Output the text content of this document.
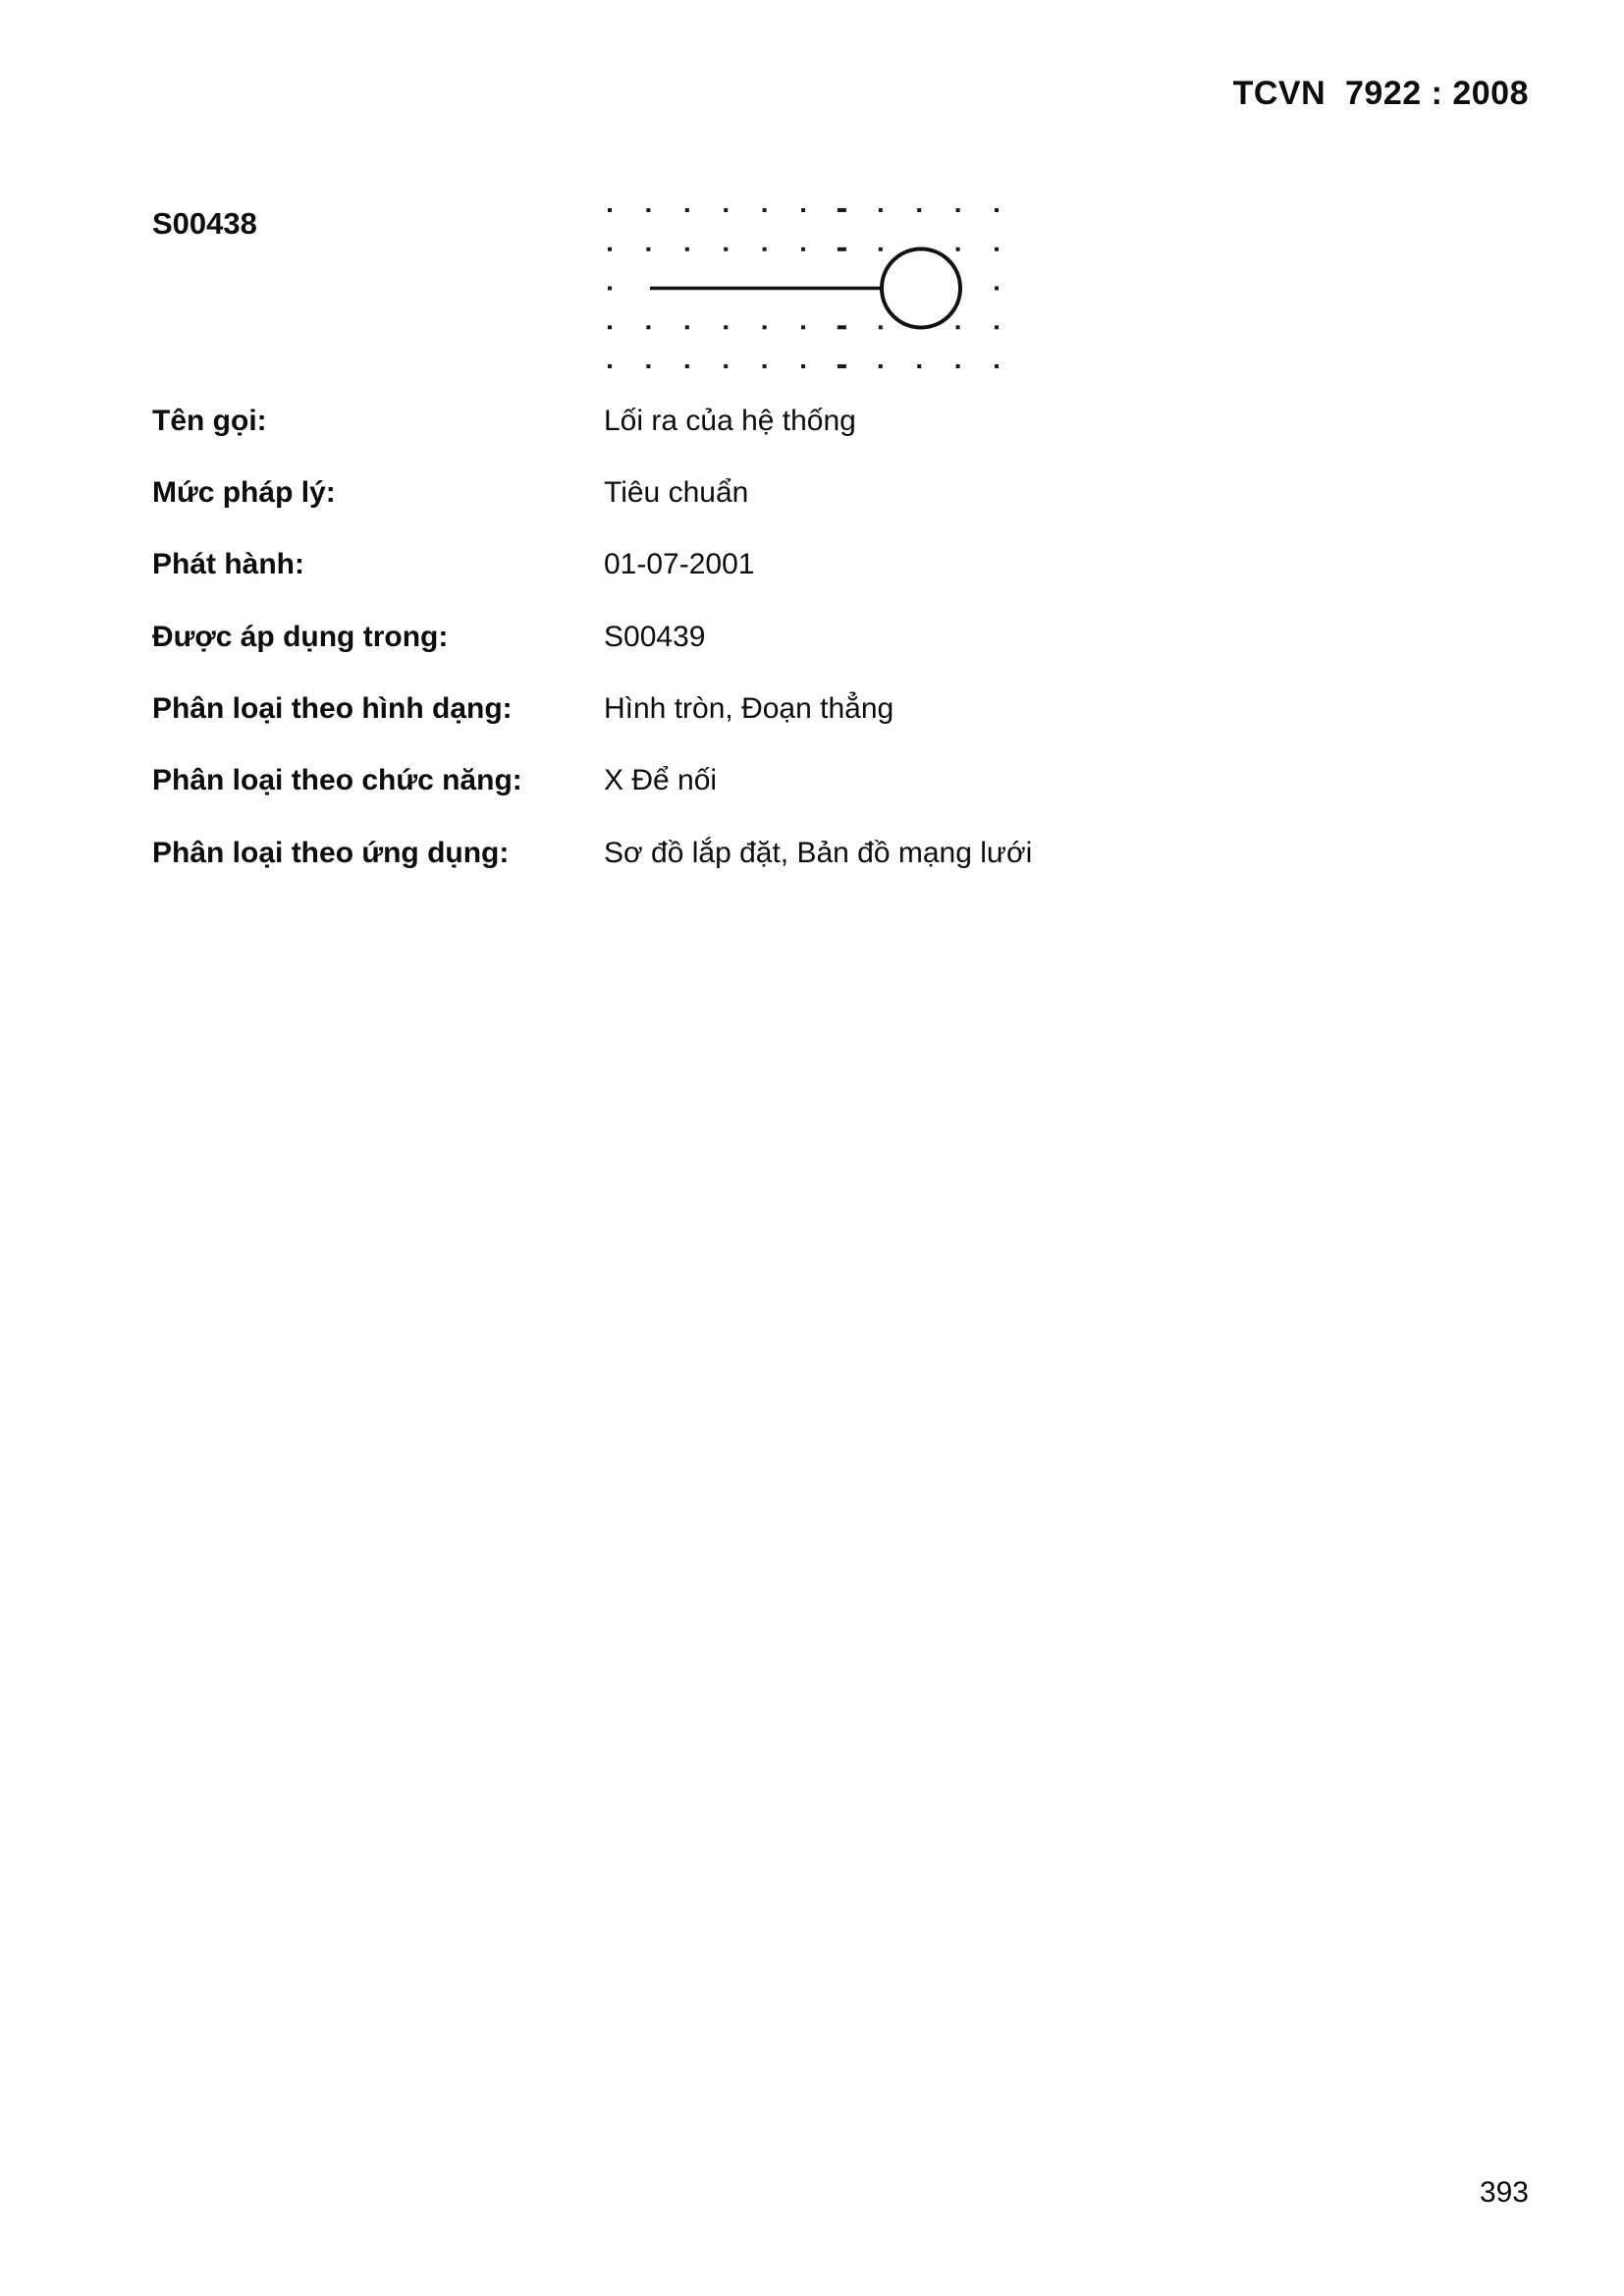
TCVN  7922 : 2008
S00438
Tên gọi:	Lối ra của hệ thống
Mức pháp lý:	Tiêu chuẩn
Phát hành:	01-07-2001
Được áp dụng trong:	S00439
Phân loại theo hình dạng:	Hình tròn, Đoạn thẳng
Phân loại theo chức năng:	X Để nối
Phân loại theo ứng dụng:	Sơ đồ lắp đặt, Bản đồ mạng lưới
393
